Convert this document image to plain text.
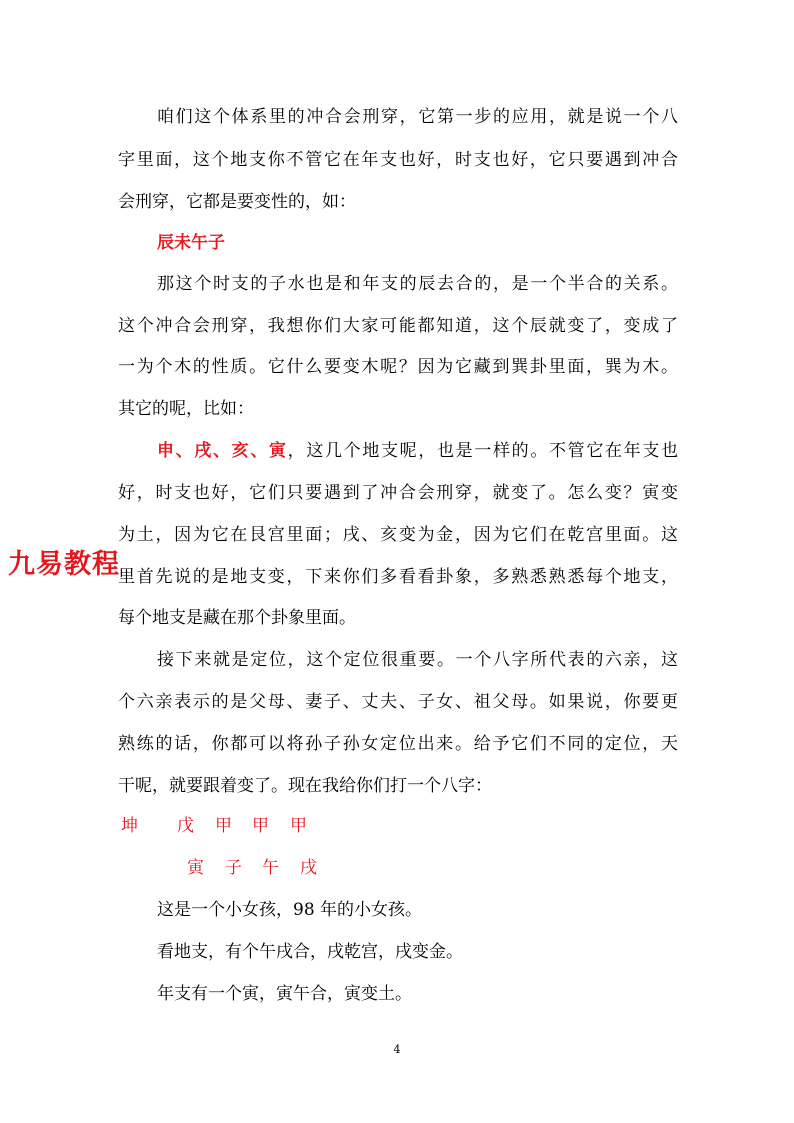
咱们这个体系里的冲合会刑穿，它第一步的应用，就是说一个八
字里面，这个地支你不管它在年支也好，时支也好，它只要遇到冲合
会刑穿，它都是要变性的，如：
辰未午子
那这个时支的子水也是和年支的辰去合的，是一个半合的关系。
这个冲合会刑穿，我想你们大家可能都知道，这个辰就变了，变成了
一为个木的性质。它什么要变木呢？因为它藏到巽卦里面，巽为木。
其它的呢，比如：
申、戌、亥、寅，这几个地支呢，也是一样的。不管它在年支也
好，时支也好，它们只要遇到了冲合会刑穿，就变了。怎么变？寅变
为土，因为它在艮宫里面；戌、亥变为金，因为它们在乾宫里面。这
里首先说的是地支变，下来你们多看看卦象，多熟悉熟悉每个地支，
每个地支是藏在那个卦象里面。
接下来就是定位，这个定位很重要。一个八字所代表的六亲，这
个六亲表示的是父母、妻子、丈夫、子女、祖父母。如果说，你要更
熟练的话，你都可以将孙子孙女定位出来。给予它们不同的定位，天
干呢，就要跟着变了。现在我给你们打一个八字：
坤 戊 甲 甲 甲
寅 子 午 戌
这是一个小女孩，98 年的小女孩。
看地支，有个午戌合，戌乾宫，戌变金。
年支有一个寅，寅午合，寅变土。
九易教程
4
